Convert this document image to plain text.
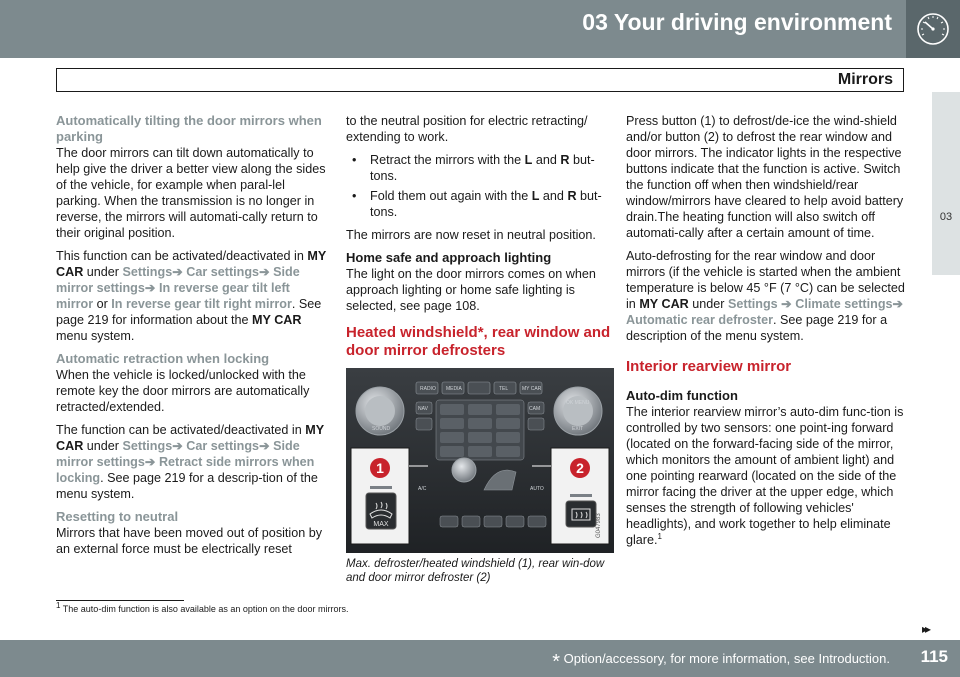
03 Your driving environment
Mirrors
03
Automatically tilting the door mirrors when parking

The door mirrors can tilt down automatically to help give the driver a better view along the sides of the vehicle, for example when paral-lel parking. When the transmission is no longer in reverse, the mirrors will automati-cally return to their original position.

This function can be activated/deactivated in MY CAR under Settings➔ Car settings➔ Side mirror settings➔ In reverse gear tilt left mirror or In reverse gear tilt right mirror. See page 219 for information about the MY CAR menu system.

Automatic retraction when locking

When the vehicle is locked/unlocked with the remote key the door mirrors are automatically retracted/extended.

The function can be activated/deactivated in MY CAR under Settings➔ Car settings➔ Side mirror settings➔ Retract side mirrors when locking. See page 219 for a descrip-tion of the menu system.

Resetting to neutral

Mirrors that have been moved out of position by an external force must be electrically reset

to the neutral position for electric retracting/ extending to work.

• Retract the mirrors with the L and R but-tons.
• Fold them out again with the L and R but-tons.

The mirrors are now reset in neutral position.

Home safe and approach lighting

The light on the door mirrors comes on when approach lighting or home safe lighting is selected, see page 108.

Heated windshield*, rear window and door mirror defrosters
1	2
MAX	G047983
RADIO MEDIA	TEL	MY CAR
NAV	CAM
SOUND	EXIT
OK MENU
A/C	AUTO
Max. defroster/heated windshield (1), rear win-dow and door mirror defroster (2)

Press button (1) to defrost/de-ice the wind-shield and/or button (2) to defrost the rear window and door mirrors. The indicator lights in the respective buttons indicate that the function is active. Switch the function off when then windshield/rear window/mirrors have cleared to help avoid battery drain.The heating function will also switch off automati-cally after a certain amount of time.

Auto-defrosting for the rear window and door mirrors (if the vehicle is started when the ambient temperature is below 45 °F (7 °C) can be selected in MY CAR under Settings ➔ Climate settings➔ Automatic rear defroster. See page 219 for a description of the menu system.

Interior rearview mirror
Auto-dim function

The interior rearview mirror’s auto-dim func-tion is controlled by two sensors: one point-ing forward (located on the forward-facing side of the mirror, which monitors the amount of ambient light) and one pointing rearward (located on the side of the mirror facing the driver at the upper edge, which senses the strength of following vehicles' headlights), and work together to help eliminate glare.$^1$

$^1$ The auto-dim function is also available as an option on the door mirrors.
▸▸
* Option/accessory, for more information, see Introduction. 115
